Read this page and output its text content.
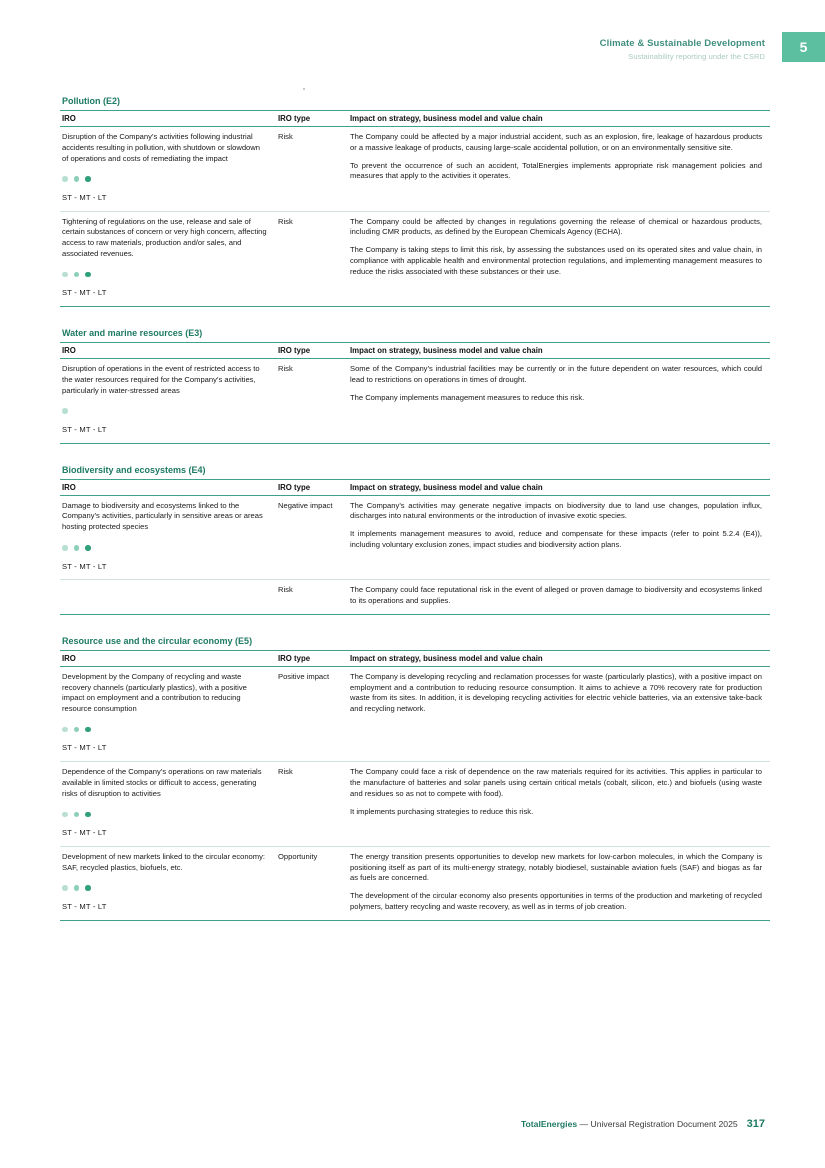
Climate & Sustainable Development
Sustainability reporting under the CSRD
5
Pollution (E2)
IRO	IRO type	Impact on strategy, business model and value chain

Disruption of the Company’s activities following industrial accidents resulting in pollution, with shutdown or slowdown of operations and costs of remediating the impact
ST - MT - LT
	Risk	The Company could be affected by a major industrial accident, such as an explosion, fire, leakage of hazardous products or a massive leakage of products, causing large-scale accidental pollution, or on an environmentally sensitive site.
To prevent the occurrence of such an accident, TotalEnergies implements appropriate risk management policies and measures that apply to the activities it operates.

Tightening of regulations on the use, release and sale of certain substances of concern or very high concern, affecting access to raw materials, production and/or sales, and associated revenues.
ST - MT - LT
	Risk	The Company could be affected by changes in regulations governing the release of chemical or hazardous products, including CMR products, as defined by the European Chemicals Agency (ECHA).
The Company is taking steps to limit this risk, by assessing the substances used on its operated sites and value chain, in compliance with applicable health and environmental protection regulations, and implementing management measures to reduce the risks associated with these substances or their use.
Water and marine resources (E3)
IRO	IRO type	Impact on strategy, business model and value chain

Disruption of operations in the event of restricted access to the water resources required for the Company’s activities, particularly in water-stressed areas
ST - MT - LT
	Risk	Some of the Company’s industrial facilities may be currently or in the future dependent on water resources, which could lead to restrictions on operations in times of drought.
The Company implements management measures to reduce this risk.
Biodiversity and ecosystems (E4)
IRO	IRO type	Impact on strategy, business model and value chain

Damage to biodiversity and ecosystems linked to the Company’s activities, particularly in sensitive areas or areas hosting protected species
ST - MT - LT
	Negative impact	The Company’s activities may generate negative impacts on biodiversity due to land use changes, population influx, discharges into natural environments or the introduction of invasive exotic species.
It implements management measures to avoid, reduce and compensate for these impacts (refer to point 5.2.4 (E4)), including voluntary exclusion zones, impact studies and biodiversity action plans.

	Risk	The Company could face reputational risk in the event of alleged or proven damage to biodiversity and ecosystems linked to its operations and supplies.
Resource use and the circular economy (E5)
IRO	IRO type	Impact on strategy, business model and value chain

Development by the Company of recycling and waste recovery channels (particularly plastics), with a positive impact on employment and a contribution to reducing resource consumption
ST - MT - LT	Positive impact	The Company is developing recycling and reclamation processes for waste (particularly plastics), with a positive impact on employment and a contribution to reducing resource consumption. It aims to achieve a 70% recovery rate for production waste from its sites. In addition, it is developing recycling activities for electric vehicle batteries, via an extensive take-back and recycling network.

Dependence of the Company’s operations on raw materials available in limited stocks or difficult to access, generating risks of disruption to activities
ST - MT - LT
	Risk	The Company could face a risk of dependence on the raw materials required for its activities. This applies in particular to the manufacture of batteries and solar panels using certain critical metals (cobalt, silicon, etc.) and biofuels (using waste and residues so as not to compete with food).
It implements purchasing strategies to reduce this risk.

Development of new markets linked to the circular economy: SAF, recycled plastics, biofuels, etc.
ST - MT - LT
	Opportunity	The energy transition presents opportunities to develop new markets for low-carbon molecules, in which the Company is positioning itself as part of its multi-energy strategy, notably biodiesel, sustainable aviation fuels (SAF) and biogas as far as fuels are concerned.
The development of the circular economy also presents opportunities in terms of the production and marketing of recycled polymers, battery recycling and waste recovery, as well as in terms of job creation.
TotalEnergies — Universal Registration Document 2025 317
